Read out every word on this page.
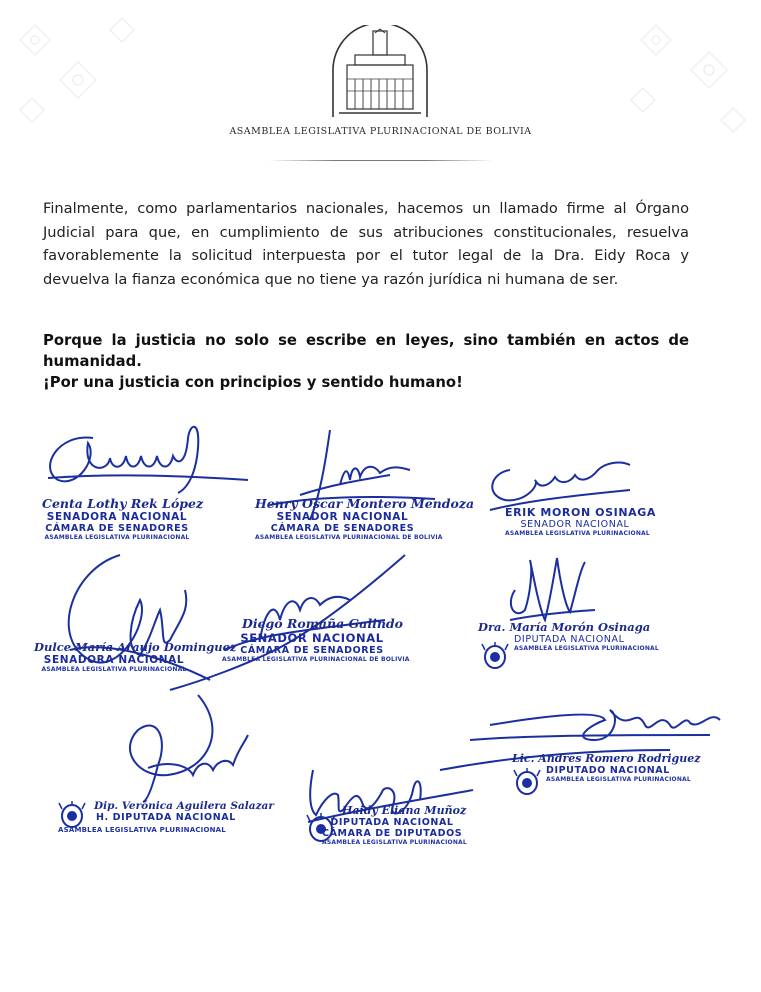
ASAMBLEA LEGISLATIVA PLURINACIONAL DE BOLIVIA
Finalmente, como parlamentarios nacionales, hacemos un llamado firme al Órgano Judicial para que, en cumplimiento de sus atribuciones constitucionales, resuelva favorablemente la solicitud interpuesta por el tutor legal de la Dra. Eidy Roca y devuelva la fianza económica que no tiene ya razón jurídica ni humana de ser.
Porque la justicia no solo se escribe en leyes, sino también en actos de humanidad.
¡Por una justicia con principios y sentido humano!
Centa Lothy Rek López
SENADORA NACIONAL
CÁMARA DE SENADORES
ASAMBLEA LEGISLATIVA PLURINACIONAL
Henry Oscar Montero Mendoza
SENADOR NACIONAL
CÁMARA DE SENADORES
ASAMBLEA LEGISLATIVA PLURINACIONAL DE BOLIVIA
ERIK MORON OSINAGA
SENADOR NACIONAL
ASAMBLEA LEGISLATIVA PLURINACIONAL
Dulce María Araujo Dominguez
SENADORA NACIONAL
ASAMBLEA LEGISLATIVA PLURINACIONAL
Diego Romaña Galindo
SENADOR NACIONAL
CÁMARA DE SENADORES
ASAMBLEA LEGISLATIVA PLURINACIONAL DE BOLIVIA
Dra. María Morón Osinaga
DIPUTADA NACIONAL
ASAMBLEA LEGISLATIVA PLURINACIONAL
Lic. Andres Romero Rodriguez
DIPUTADO NACIONAL
ASAMBLEA LEGISLATIVA PLURINACIONAL
Dip. Verónica Aguilera Salazar
H. DIPUTADA NACIONAL
ASAMBLEA LEGISLATIVA PLURINACIONAL
Haidy Eliana Muñoz
DIPUTADA NACIONAL
CÁMARA DE DIPUTADOS
ASAMBLEA LEGISLATIVA PLURINACIONAL
